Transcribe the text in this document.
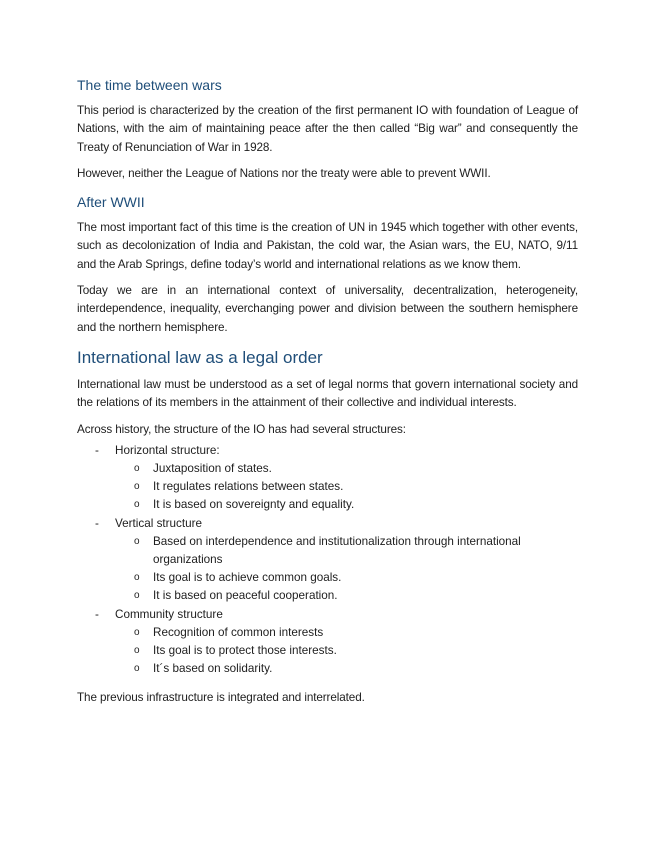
The time between wars

This period is characterized by the creation of the first permanent IO with foundation of League of Nations, with the aim of maintaining peace after the then called “Big war” and consequently the Treaty of Renunciation of War in 1928.

However, neither the League of Nations nor the treaty were able to prevent WWII.

After WWII

The most important fact of this time is the creation of UN in 1945 which together with other events, such as decolonization of India and Pakistan, the cold war, the Asian wars, the EU, NATO, 9/11 and the Arab Springs, define today’s world and international relations as we know them.

Today we are in an international context of universality, decentralization, heterogeneity, interdependence, inequality, everchanging power and division between the southern hemisphere and the northern hemisphere.

International law as a legal order

International law must be understood as a set of legal norms that govern international society and the relations of its members in the attainment of their collective and individual interests.

Across history, the structure of the IO has had several structures:

- Horizontal structure:
o Juxtaposition of states.
o It regulates relations between states.
o It is based on sovereignty and equality.
- Vertical structure
o Based on interdependence and institutionalization through international organizations
o Its goal is to achieve common goals.
o It is based on peaceful cooperation.
- Community structure
o Recognition of common interests
o Its goal is to protect those interests.
o It´s based on solidarity.

The previous infrastructure is integrated and interrelated.
